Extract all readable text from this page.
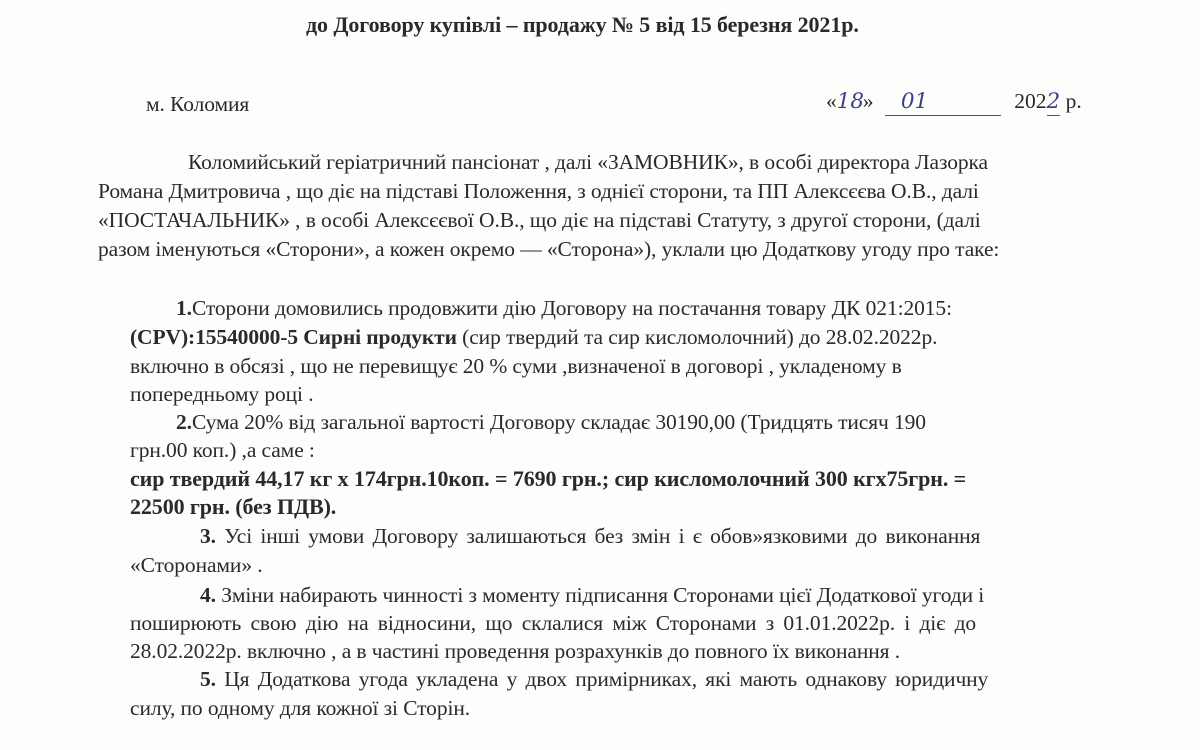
до Договору купівлі – продажу № 5 від 15 березня 2021р.
м. Коломия	«18» 01	2022 р.
Коломийський геріатричний пансіонат , далі «ЗАМОВНИК», в особі директора Лазорка
Романа Дмитровича , що діє на підставі Положення, з однієї сторони, та ПП Алексєєва О.В., далі
«ПОСТАЧАЛЬНИК» , в особі Алексєєвої О.В., що діє на підставі Статуту, з другої сторони, (далі
разом іменуються «Сторони», а кожен окремо — «Сторона»), уклали цю Додаткову угоду про таке:
1.Сторони домовились продовжити дію Договору на постачання товару ДК 021:2015:
(CPV):15540000-5 Сирні продукти (сир твердий та сир кисломолочний) до 28.02.2022р.
включно в обсязі , що не перевищує 20 % суми ,визначеної в договорі , укладеному в
попередньому році .
2.Сума 20% від загальної вартості Договору складає 30190,00 (Тридцять тисяч 190
грн.00 коп.) ,а саме :
сир твердий 44,17 кг х 174грн.10коп. = 7690 грн.; сир кисломолочний 300 кгх75грн. =
22500 грн. (без ПДВ).
3. Усі інші умови Договору залишаються без змін і є обов»язковими до виконання
«Сторонами» .
4. Зміни набирають чинності з моменту підписання Сторонами цієї Додаткової угоди і
поширюють свою дію на відносини, що склалися між Сторонами з 01.01.2022р. і діє до
28.02.2022р. включно , а в частині проведення розрахунків до повного їх виконання .
5. Ця Додаткова угода укладена у двох примірниках, які мають однакову юридичну
силу, по одному для кожної зі Сторін.
